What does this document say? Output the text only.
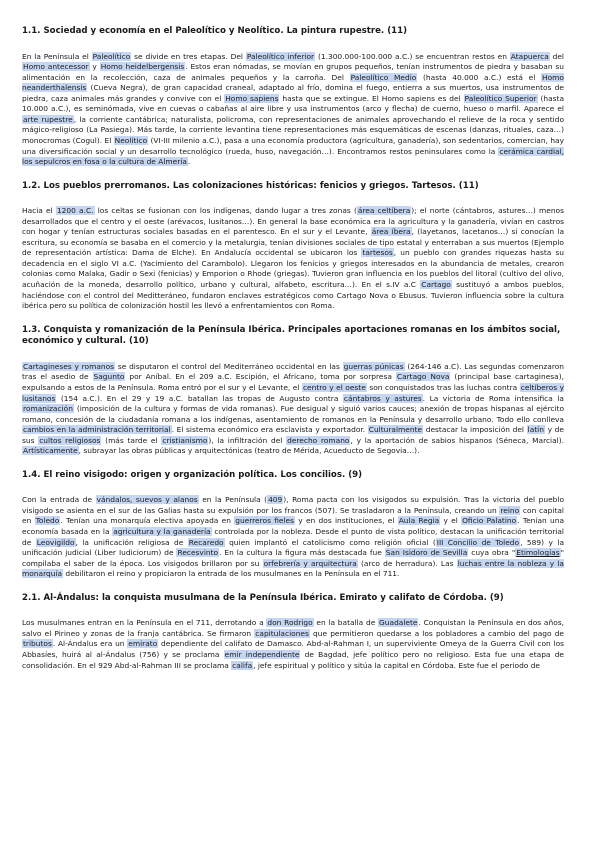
1.1. Sociedad y economía en el Paleolítico y Neolítico. La pintura rupestre. (11)

En la Península el Paleolítico se divide en tres etapas. Del Paleolítico inferior (1.300.000-100.000 a.C.) se encuentran restos en Atapuerca del Homo antecessor y Homo heidelbergensis. Estos eran nómadas, se movían en grupos pequeños, tenían instrumentos de piedra y basaban su alimentación en la recolección, caza de animales pequeños y la carroña. Del Paleolítico Medio (hasta 40.000 a.C.) está el Homo neanderthalensis (Cueva Negra), de gran capacidad craneal, adaptado al frío, domina el fuego, entierra a sus muertos, usa instrumentos de piedra, caza animales más grandes y convive con el Homo sapiens hasta que se extingue. El Homo sapiens es del Paleolítico Superior (hasta 10.000 a.C.), es seminómada, vive en cuevas o cabañas al aire libre y usa instrumentos (arco y flecha) de cuerno, hueso o marfil. Aparece el arte rupestre, la corriente cantábrica; naturalista, policroma, con representaciones de animales aprovechando el relieve de la roca y sentido mágico-religioso (La Pasiega). Más tarde, la corriente levantina tiene representaciones más esquemáticas de escenas (danzas, rituales, caza…) monocromas (Cogul). El Neolítico (VI-III milenio a.C.), pasa a una economía productora (agricultura, ganadería), son sedentarios, comercian, hay una diversificación social y un desarrollo tecnológico (rueda, huso, navegación…). Encontramos restos peninsulares como la cerámica cardial, los sepulcros en fosa o la cultura de Almería.

1.2. Los pueblos prerromanos. Las colonizaciones históricas: fenicios y griegos. Tartesos. (11)

Hacia el 1200 a.C. los celtas se fusionan con los indígenas, dando lugar a tres zonas (área celtíbera); el norte (cántabros, astures…) menos desarrollados que el centro y el oeste (arévacos, lusitanos…). En general la base económica era la agricultura y la ganadería, vivían en castros con hogar y tenían estructuras sociales basadas en el parentesco. En el sur y el Levante, área íbera, (layetanos, lacetanos…) si conocían la escritura, su economía se basaba en el comercio y la metalurgia, tenían divisiones sociales de tipo estatal y enterraban a sus muertos (Ejemplo de representación artística: Dama de Elche). En Andalucía occidental se ubicaron los tartesos, un pueblo con grandes riquezas hasta su decadencia en el siglo VI a.C. (Yacimiento del Carambolo). Llegaron los fenicios y griegos interesados en la abundancia de metales, crearon colonias como Malaka, Gadir o Sexi (fenicias) y Emporion o Rhode (griegas). Tuvieron gran influencia en los pueblos del litoral (cultivo del olivo, acuñación de la moneda, desarrollo político, urbano y cultural, alfabeto, escritura…). En el s.IV a.C Cartago sustituyó a ambos pueblos, haciéndose con el control del Meditteráneo, fundaron enclaves estratégicos como Cartago Nova o Ebusus. Tuvieron influencia sobre la cultura ibérica pero su política de colonización hostil les llevó a enfrentamientos con Roma.

1.3. Conquista y romanización de la Península Ibérica. Principales aportaciones romanas en los ámbitos social, económico y cultural. (10)

Cartagineses y romanos se disputaron el control del Mediterráneo occidental en las guerras púnicas (264-146 a.C). Las segundas comenzaron tras el asedio de Sagunto por Aníbal. En el 209 a.C. Escipión, el Africano, toma por sorpresa Cartago Nova (principal base cartaginesa), expulsando a estos de la Península. Roma entró por el sur y el Levante, el centro y el oeste son conquistados tras las luchas contra celtíberos y lusitanos (154 a.C.). En el 29 y 19 a.C. batallan las tropas de Augusto contra cántabros y astures. La victoria de Roma intensifica la romanización (imposición de la cultura y formas de vida romanas). Fue desigual y siguió varios cauces; anexión de tropas hispanas al ejército romano, concesión de la ciudadanía romana a los indígenas, asentamiento de romanos en la Península y desarrollo urbano. Todo ello conlleva cambios en la administración territorial. El sistema económico era esclavista y exportador. Culturalmente destacar la imposición del latín y de sus cultos religiosos (más tarde el cristianismo), la infiltración del derecho romano, y la aportación de sabios hispanos (Séneca, Marcial). Artísticamente, subrayar las obras públicas y arquitectónicas (teatro de Mérida, Acueducto de Segovia…).

1.4. El reino visigodo: origen y organización política. Los concilios. (9)

Con la entrada de vándalos, suevos y alanos en la Península (409), Roma pacta con los visigodos su expulsión. Tras la victoria del pueblo visigodo se asienta en el sur de las Galias hasta su expulsión por los francos (507). Se trasladaron a la Península, creando un reino con capital en Toledo. Tenían una monarquía electiva apoyada en guerreros fieles y en dos instituciones, el Aula Regia y el Oficio Palatino. Tenían una economía basada en la agricultura y la ganadería controlada por la nobleza. Desde el punto de vista político, destacan la unificación territorial de Leovigildo, la unificación religiosa de Recaredo quien implantó el catolicismo como religión oficial (III Concilio de Toledo, 589) y la unificación judicial (Liber Iudiciorum) de Recesvinto. En la cultura la figura más destacada fue San Isidoro de Sevilla cuya obra "Etimologías" compilaba el saber de la época. Los visigodos brillaron por su orfebrería y arquitectura (arco de herradura). Las luchas entre la nobleza y la monarquía debilitaron el reino y propiciaron la entrada de los musulmanes en la Península en el 711.

2.1. Al-Ándalus: la conquista musulmana de la Península Ibérica. Emirato y califato de Córdoba. (9)

Los musulmanes entran en la Península en el 711, derrotando a don Rodrigo en la batalla de Guadalete. Conquistan la Península en dos años, salvo el Pirineo y zonas de la franja cantábrica. Se firmaron capitulaciones que permitieron quedarse a los pobladores a cambio del pago de tributos. Al-Ándalus era un emirato dependiente del califato de Damasco. Abd-al-Rahman I, un superviviente Omeya de la Guerra Civil con los Abbasíes, huirá al al-Ándalus (756) y se proclama emir independiente de Bagdad, jefe político pero no religioso. Esta fue una etapa de consolidación. En el 929 Abd-al-Rahman III se proclama califa, jefe espiritual y político y sitúa la capital en Córdoba. Este fue el periodo de
